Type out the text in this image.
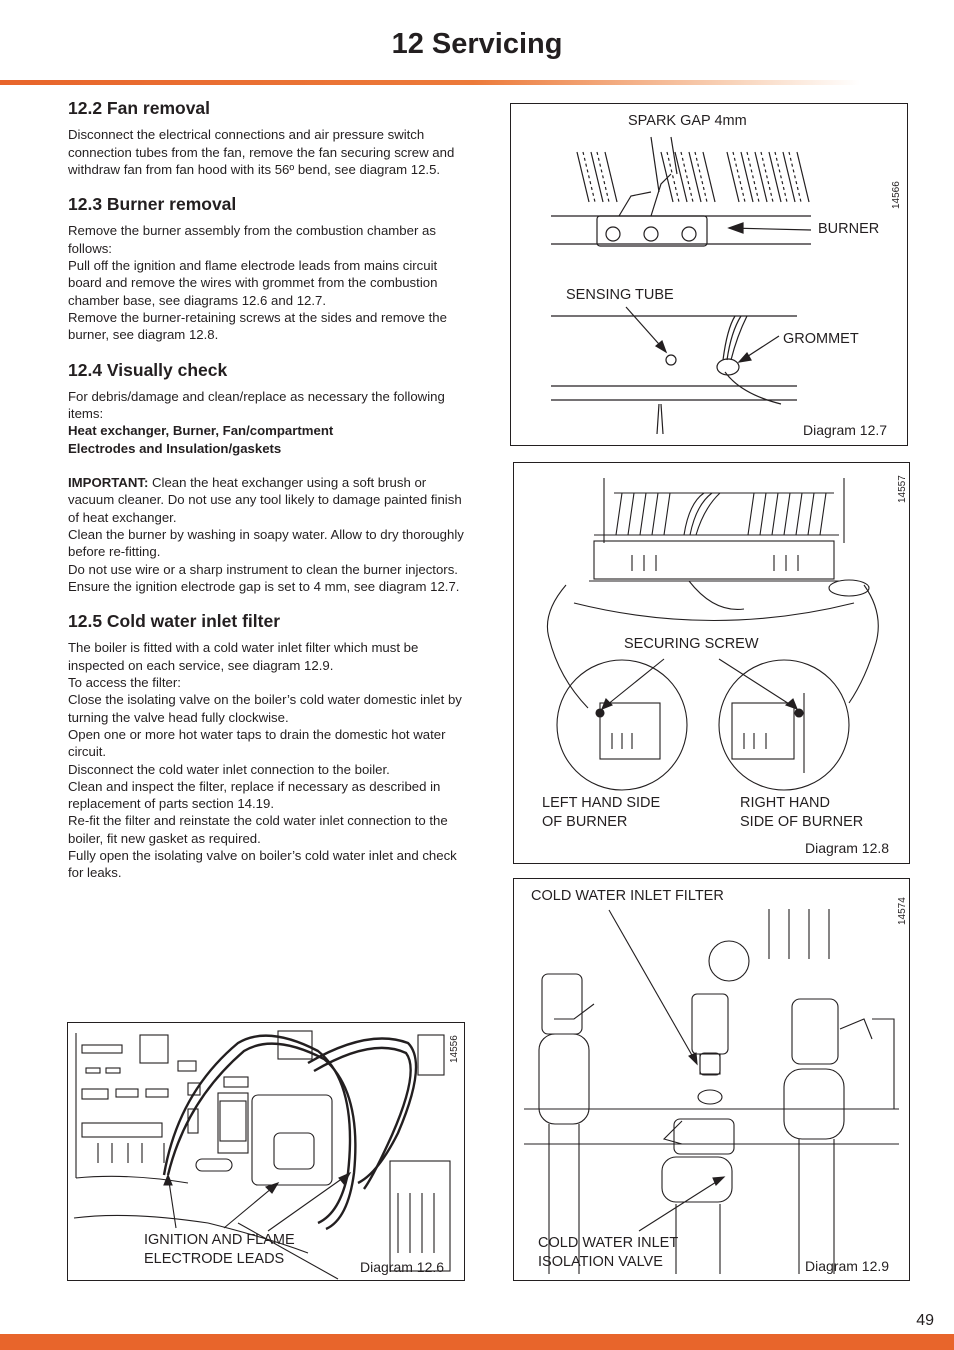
12 Servicing
12.2 Fan removal

Disconnect the electrical connections and air pressure switch connection tubes from the fan, remove the fan securing screw and withdraw fan from fan hood with its 56º bend, see diagram 12.5.

12.3 Burner removal

Remove the burner assembly from the combustion chamber as follows:

Pull off the ignition and flame electrode leads from mains circuit board and remove the wires with grommet from the combustion chamber base, see diagrams 12.6 and 12.7.

Remove the burner-retaining screws at the sides and remove the burner, see diagram 12.8.

12.4 Visually check

For debris/damage and clean/replace as necessary the following items:

Heat exchanger, Burner, Fan/compartment

Electrodes and Insulation/gaskets

IMPORTANT: Clean the heat exchanger using a soft brush or vacuum cleaner. Do not use any tool likely to damage painted finish of heat exchanger.

Clean the burner by washing in soapy water. Allow to dry thoroughly before re-fitting.

Do not use wire or a sharp instrument to clean the burner injectors.

Ensure the ignition electrode gap is set to 4 mm, see diagram 12.7.

12.5 Cold water inlet filter

The boiler is fitted with a cold water inlet filter which must be inspected on each service, see diagram 12.9.

To access the filter:

Close the isolating valve on the boiler’s cold water domestic inlet by turning the valve head fully clockwise.

Open one or more hot water taps to drain the domestic hot water circuit.

Disconnect the cold water inlet connection to the boiler.

Clean and inspect the filter, replace if necessary as described in replacement of parts section 14.19.

Re-fit the filter and reinstate the cold water inlet connection to the boiler, fit new gasket as required.

Fully open the isolating valve on boiler’s cold water inlet and check for leaks.

SPARK GAP 4mm
BURNER
SENSING TUBE
GROMMET
Diagram 12.7
14566
SECURING SCREW
LEFT HAND SIDE
OF BURNER
RIGHT HAND
SIDE OF BURNER
Diagram 12.8
14557
COLD WATER INLET FILTER
COLD WATER INLET
ISOLATION VALVE	Diagram 12.9
14574
IGNITION AND FLAME
ELECTRODE LEADS	Diagram 12.6
14556
49
